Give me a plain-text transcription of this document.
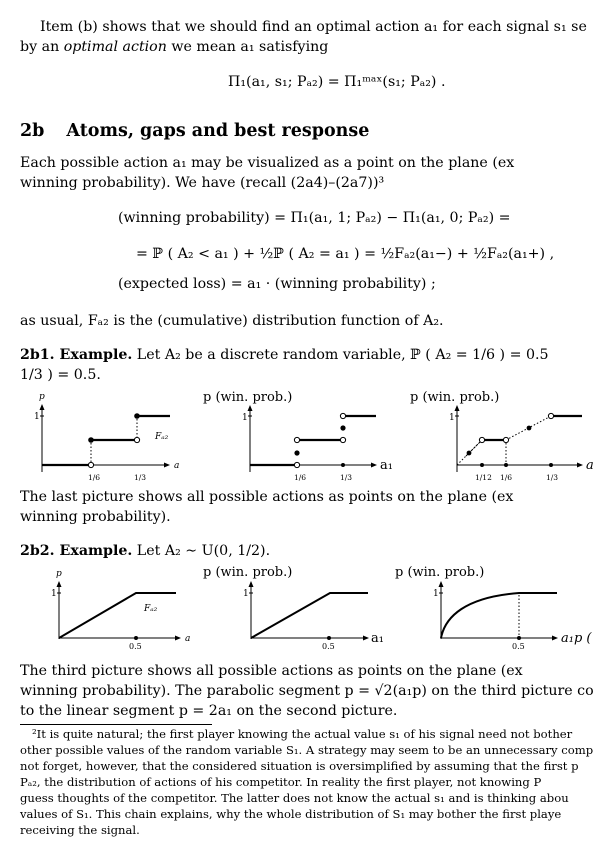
Item (b) shows that we should find an optimal action a₁ for each signal s₁ se
by an optimal action we mean a₁ satisfying
Π₁(a₁, s₁; Pₐ₂) = Π₁ᵐᵃˣ(s₁; Pₐ₂) .
2b Atoms, gaps and best response
Each possible action a₁ may be visualized as a point on the plane (ex
winning probability). We have (recall (2a4)–(2a7))³
(winning probability) = Π₁(a₁, 1; Pₐ₂) − Π₁(a₁, 0; Pₐ₂) =
= ℙ ( A₂ < a₁ ) + ½ℙ ( A₂ = a₁ ) = ½Fₐ₂(a₁−) + ½Fₐ₂(a₁+) ,
(expected loss) = a₁ · (winning probability) ;
as usual, Fₐ₂ is the (cumulative) distribution function of A₂.
2b1. Example. Let A₂ be a discrete random variable, ℙ ( A₂ = 1/6 ) = 0.5
1/3 ) = 0.5.
p
a
1
Fₐ₂
1/6	1/3
p (win. prob.)
a₁
1
1/6	1/3
p (win. prob.)
a
1
1/12 1/6	1/3
The last picture shows all possible actions as points on the plane (ex
winning probability).
2b2. Example. Let A₂ ∼ U(0, 1/2).
p
a
1
Fₐ₂
0.5
p (win. prob.)
a₁
1
0.5
p (win. prob.)
a₁p (
1
0.5
The third picture shows all possible actions as points on the plane (ex
winning probability). The parabolic segment p = √2(a₁p) on the third picture co
to the linear segment p = 2a₁ on the second picture.
²It is quite natural; the first player knowing the actual value s₁ of his signal need not bother
other possible values of the random variable S₁. A strategy may seem to be an unnecessary comp
not forget, however, that the considered situation is oversimplified by assuming that the first p
Pₐ₂, the distribution of actions of his competitor. In reality the first player, not knowing P
guess thoughts of the competitor. The latter does not know the actual s₁ and is thinking abou
values of S₁. This chain explains, why the whole distribution of S₁ may bother the first playe
receiving the signal.
